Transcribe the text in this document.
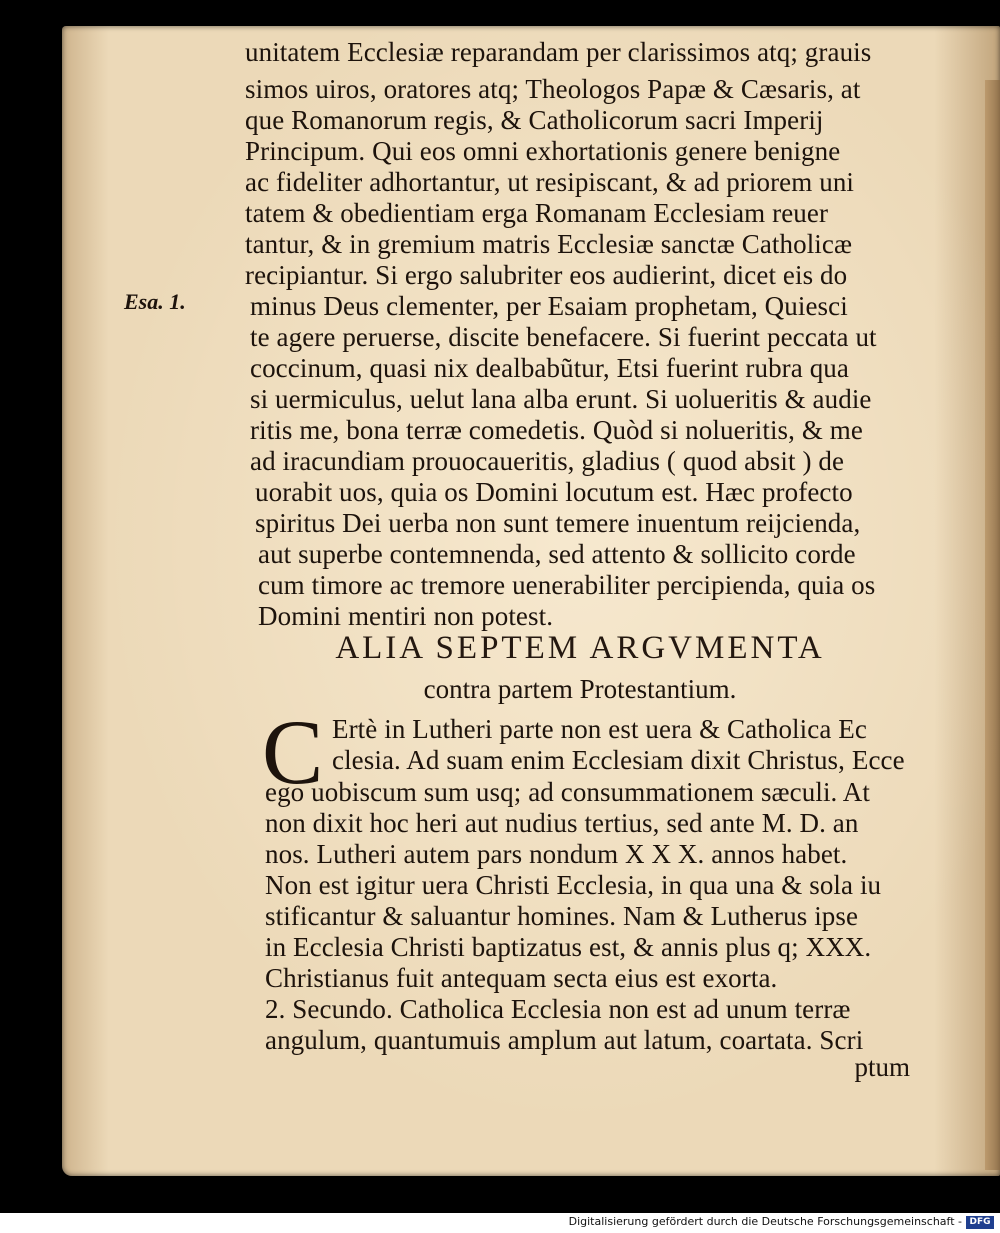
Esa. 1.
unitatem Ecclesiæ reparandam per clarissimos atq; grauis
simos uiros, oratores atq; Theologos Papæ & Cæsaris, at
que Romanorum regis, & Catholicorum sacri Imperij
Principum. Qui eos omni exhortationis genere benigne
ac fideliter adhortantur, ut resipiscant, & ad priorem uni
tatem & obedientiam erga Romanam Ecclesiam reuer
tantur, & in gremium matris Ecclesiæ sanctæ Catholicæ
recipiantur. Si ergo salubriter eos audierint, dicet eis do
minus Deus clementer, per Esaiam prophetam, Quiesci
te agere peruerse, discite benefacere. Si fuerint peccata ut
coccinum, quasi nix dealbabũtur, Etsi fuerint rubra qua
si uermiculus, uelut lana alba erunt. Si uolueritis & audie
ritis me, bona terræ comedetis. Quòd si nolueritis, & me
ad iracundiam prouocaueritis, gladius ( quod absit ) de
uorabit uos, quia os Domini locutum est. Hæc profecto
spiritus Dei uerba non sunt temere inuentum reijcienda,
aut superbe contemnenda, sed attento & sollicito corde
cum timore ac tremore uenerabiliter percipienda, quia os
Domini mentiri non potest.
ALIA SEPTEM ARGVMENTA
contra partem Protestantium.
C Ertè in Lutheri parte non est uera & Catholica Ec
clesia. Ad suam enim Ecclesiam dixit Christus, Ecce
ego uobiscum sum usq; ad consummationem sæculi. At
non dixit hoc heri aut nudius tertius, sed ante M. D. an
nos. Lutheri autem pars nondum X X X. annos habet.
Non est igitur uera Christi Ecclesia, in qua una & sola iu
stificantur & saluantur homines. Nam & Lutherus ipse
in Ecclesia Christi baptizatus est, & annis plus q; XXX.
Christianus fuit antequam secta eius est exorta.
2. Secundo. Catholica Ecclesia non est ad unum terræ
angulum, quantumuis amplum aut latum, coartata. Scri
ptum
Digitalisierung gefördert durch die Deutsche Forschungsgemeinschaft - DFG
